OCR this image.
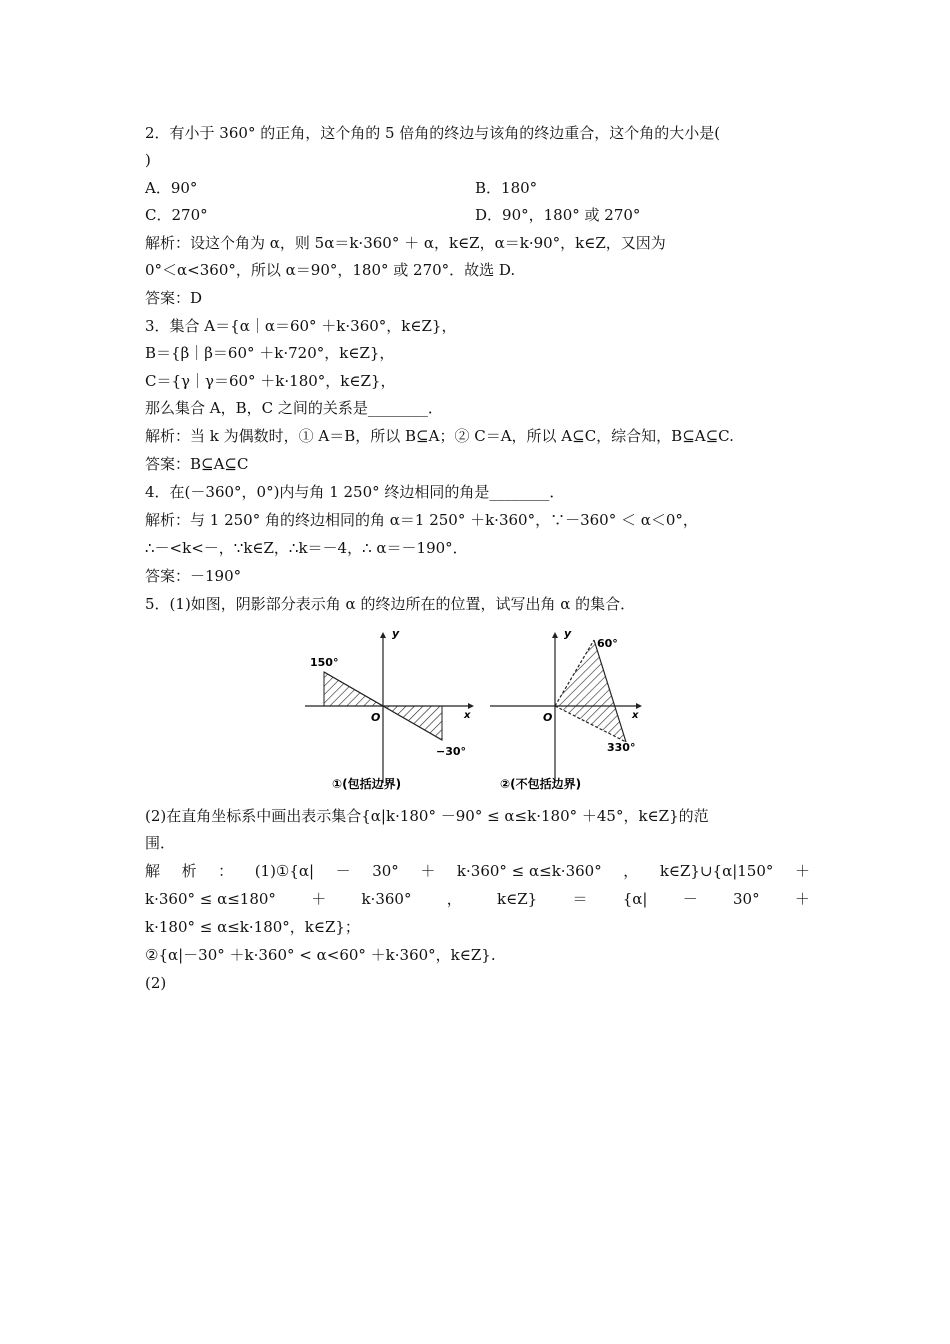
2．有小于 360° 的正角，这个角的 5 倍角的终边与该角的终边重合，这个角的大小是(
)
A．90°	B．180°
C．270°	D．90°，180° 或 270°
解析：设这个角为 α，则 5α＝k·360° ＋ α，k∈Z，α＝k·90°，k∈Z，又因为
0°＜α<360°，所以 α＝90°，180° 或 270°．故选 D.
答案：D
3．集合 A＝{α｜α＝60° ＋k·360°，k∈Z}，
B＝{β｜β＝60° ＋k·720°，k∈Z}，
C＝{γ｜γ＝60° ＋k·180°，k∈Z}，
那么集合 A，B，C 之间的关系是________．
解析：当 k 为偶数时，① A＝B，所以 B⊆A；② C＝A，所以 A⊆C，综合知，B⊆A⊆C.
答案：B⊆A⊆C
4．在(－360°，0°)内与角 1 250° 终边相同的角是________．
解析：与 1 250° 角的终边相同的角 α＝1 250° ＋k·360°，∵－360° ＜ α＜0°，
∴－<k<－，∵k∈Z，∴k＝－4，∴ α＝－190°．
答案：－190°
5．(1)如图，阴影部分表示角 α 的终边所在的位置，试写出角 α 的集合．
y
x
O
150°
−30°
①(包括边界)
y
x
O
60°
330°
②(不包括边界)
(2)在直角坐标系中画出表示集合{α|k·180° －90° ≤ α≤k·180° ＋45°，k∈Z}的范
围．
解 析 ： (1)①{α| － 30° ＋ k·360° ≤ α≤k·360° ， k∈Z}∪{α|150° ＋
k·360° ≤ α≤180° ＋ k·360° ， k∈Z} ＝ {α| － 30° ＋
k·180° ≤ α≤k·180°，k∈Z}；
②{α|－30° ＋k·360° < α<60° ＋k·360°，k∈Z}.
(2)
